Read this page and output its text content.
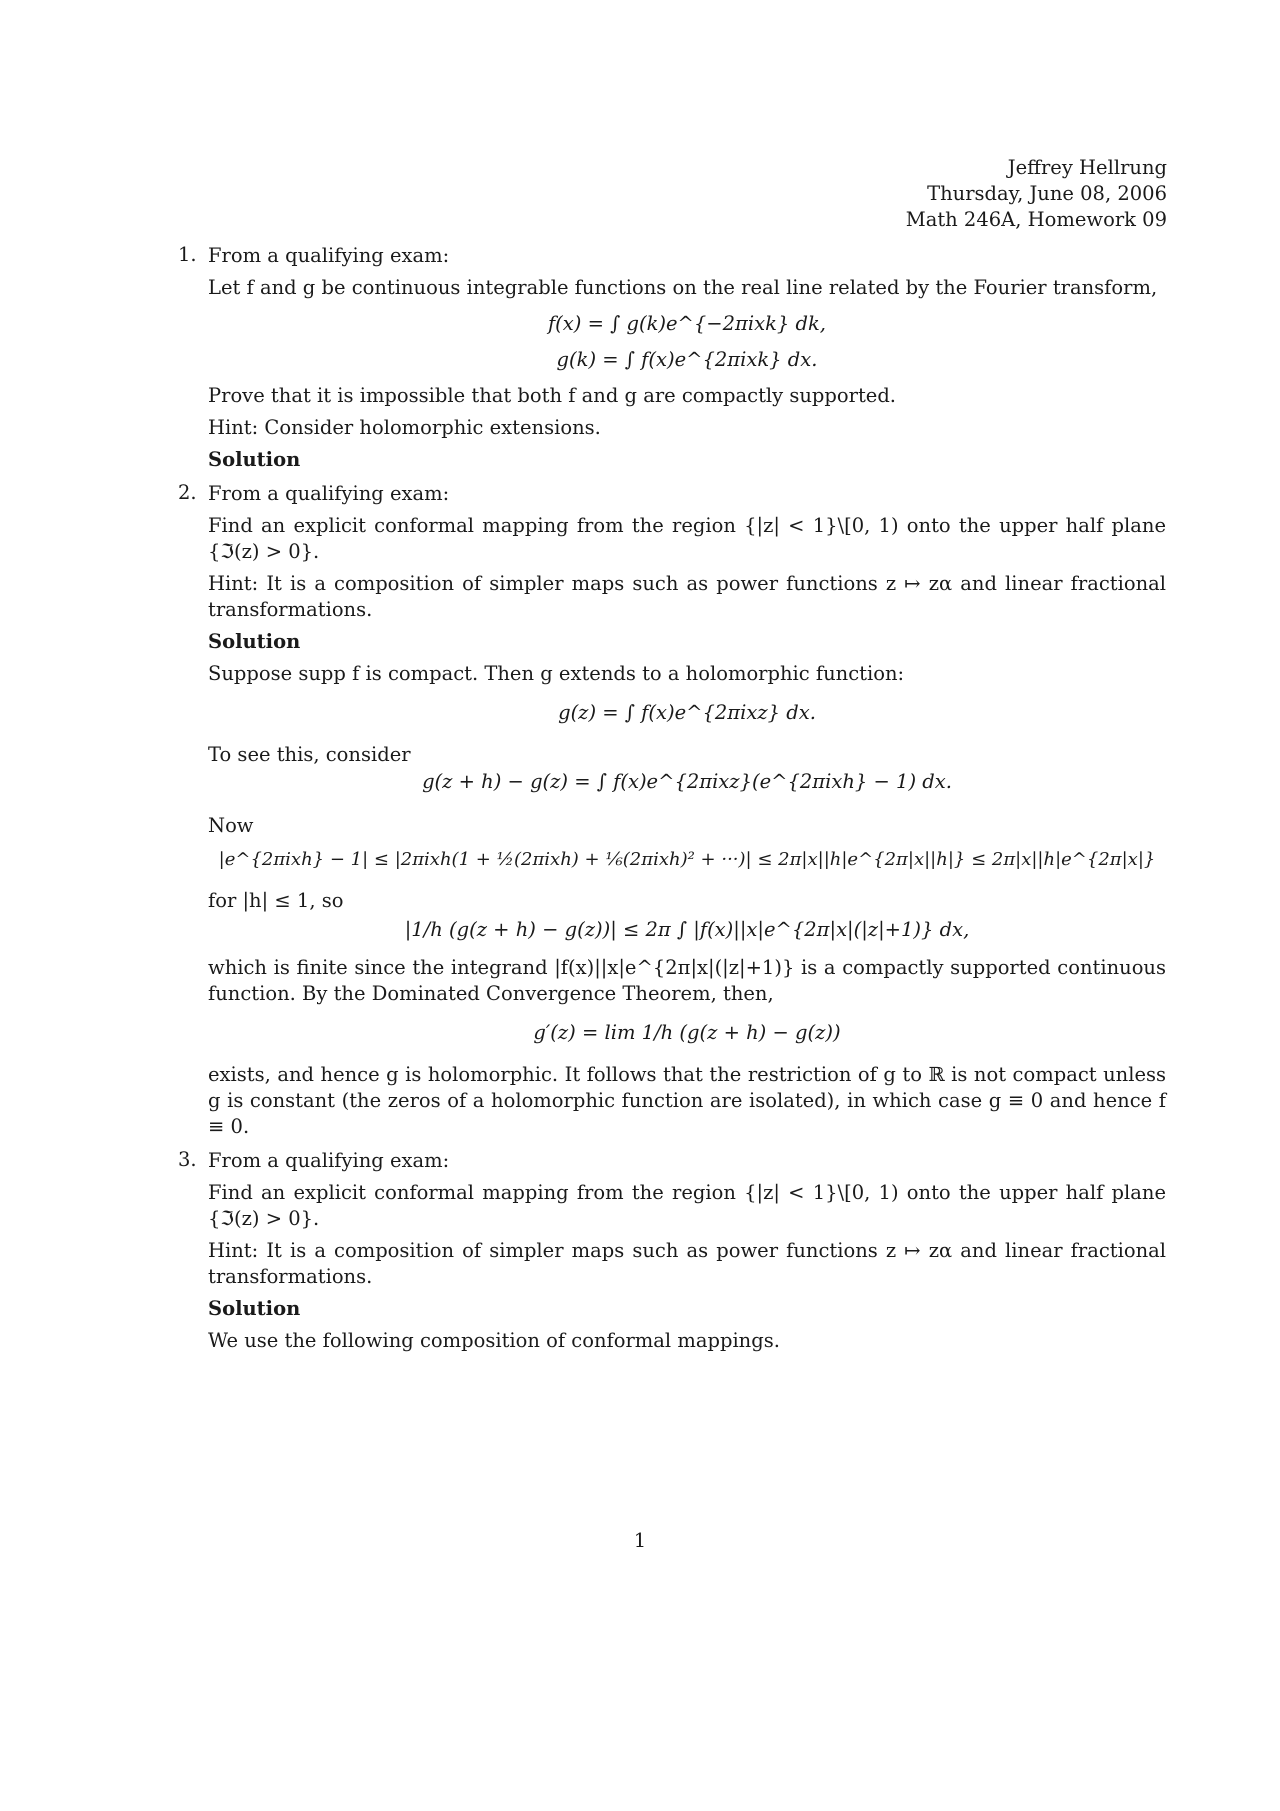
Jeffrey Hellrung
Thursday, June 08, 2006
Math 246A, Homework 09
1. From a qualifying exam:

Let f and g be continuous integrable functions on the real line related by the Fourier transform,

f(x) = ∫ g(k)e^{−2πixk} dk,
g(k) = ∫ f(x)e^{2πixk} dx.

Prove that it is impossible that both f and g are compactly supported.

Hint: Consider holomorphic extensions.

Solution

2. From a qualifying exam:

Find an explicit conformal mapping from the region {|z| < 1}\[0, 1) onto the upper half plane {ℑ(z) > 0}.

Hint: It is a composition of simpler maps such as power functions z ↦ zα and linear fractional transformations.

Solution

Suppose supp f is compact. Then g extends to a holomorphic function:

g(z) = ∫ f(x)e^{2πixz} dx.

To see this, consider

g(z + h) − g(z) = ∫ f(x)e^{2πixz}(e^{2πixh} − 1) dx.

Now

|e^{2πixh} − 1| ≤ |2πixh(1 + ½(2πixh) + ⅙(2πixh)² + ···)| ≤ 2π|x||h|e^{2π|x||h|} ≤ 2π|x||h|e^{2π|x|}

for |h| ≤ 1, so

|1/h (g(z + h) − g(z))| ≤ 2π ∫ |f(x)||x|e^{2π|x|(|z|+1)} dx,

which is finite since the integrand |f(x)||x|e^{2π|x|(|z|+1)} is a compactly supported continuous function. By the Dominated Convergence Theorem, then,

g′(z) = lim 1/h (g(z + h) − g(z))

exists, and hence g is holomorphic. It follows that the restriction of g to ℝ is not compact unless g is constant (the zeros of a holomorphic function are isolated), in which case g ≡ 0 and hence f ≡ 0.

3. From a qualifying exam:

Find an explicit conformal mapping from the region {|z| < 1}\[0, 1) onto the upper half plane {ℑ(z) > 0}.

Hint: It is a composition of simpler maps such as power functions z ↦ zα and linear fractional transformations.

Solution

We use the following composition of conformal mappings.

1
